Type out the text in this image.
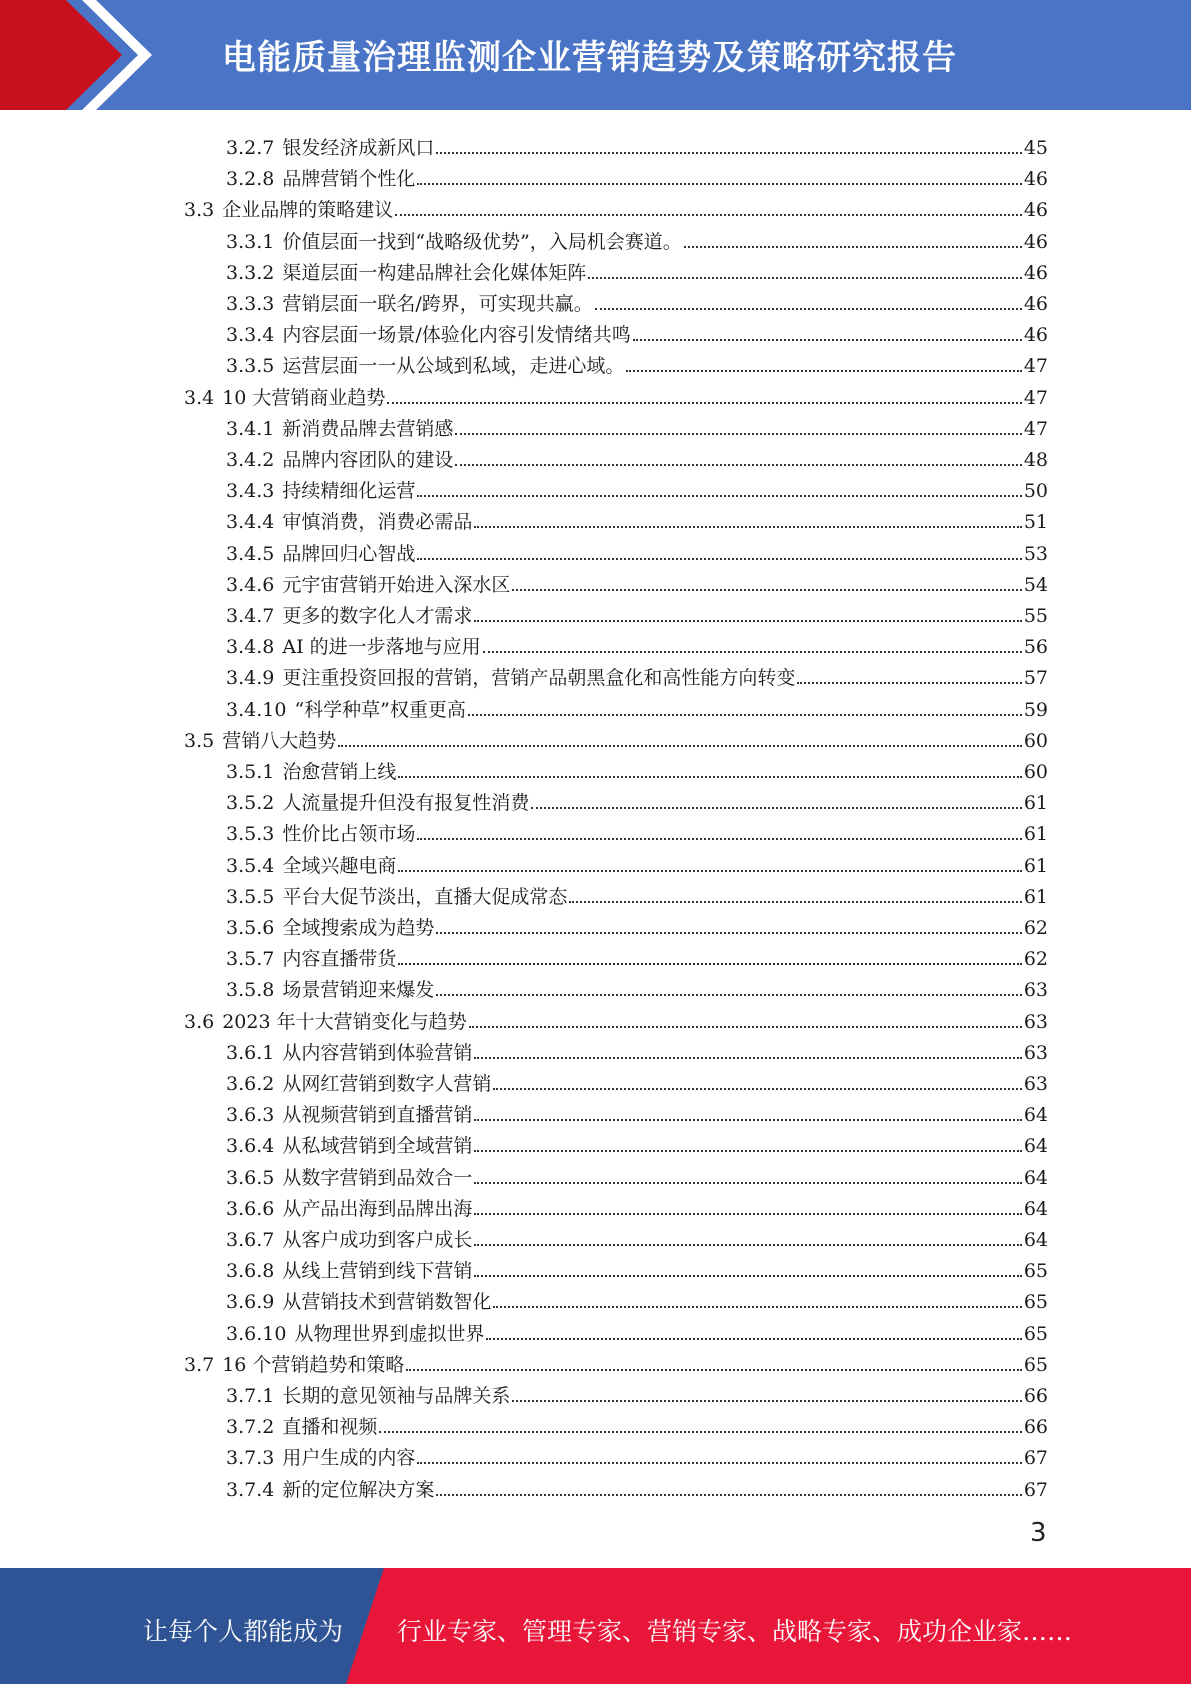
电能质量治理监测企业营销趋势及策略研究报告
3.2.7 银发经济成新风口	45
3.2.8 品牌营销个性化	46
3.3 企业品牌的策略建议	46
3.3.1 价值层面一找到“战略级优势”，入局机会赛道。	46
3.3.2 渠道层面一构建品牌社会化媒体矩阵	46
3.3.3 营销层面一联名/跨界，可实现共赢。	46
3.3.4 内容层面一场景/体验化内容引发情绪共鸣	46
3.3.5 运营层面一一从公域到私域，走进心域。	47
3.4 10 大营销商业趋势	47
3.4.1 新消费品牌去营销感	47
3.4.2 品牌内容团队的建设	48
3.4.3 持续精细化运营	50
3.4.4 审慎消费，消费必需品	51
3.4.5 品牌回归心智战	53
3.4.6 元宇宙营销开始进入深水区	54
3.4.7 更多的数字化人才需求	55
3.4.8 AI 的进一步落地与应用	56
3.4.9 更注重投资回报的营销，营销产品朝黑盒化和高性能方向转变	57
3.4.10 “科学种草”权重更高	59
3.5 营销八大趋势	60
3.5.1 治愈营销上线	60
3.5.2 人流量提升但没有报复性消费	61
3.5.3 性价比占领市场	61
3.5.4 全域兴趣电商	61
3.5.5 平台大促节淡出，直播大促成常态	61
3.5.6 全域搜索成为趋势	62
3.5.7 内容直播带货	62
3.5.8 场景营销迎来爆发	63
3.6 2023 年十大营销变化与趋势	63
3.6.1 从内容营销到体验营销	63
3.6.2 从网红营销到数字人营销	63
3.6.3 从视频营销到直播营销	64
3.6.4 从私域营销到全域营销	64
3.6.5 从数字营销到品效合一	64
3.6.6 从产品出海到品牌出海	64
3.6.7 从客户成功到客户成长	64
3.6.8 从线上营销到线下营销	65
3.6.9 从营销技术到营销数智化	65
3.6.10 从物理世界到虚拟世界	65
3.7 16 个营销趋势和策略	65
3.7.1 长期的意见领袖与品牌关系	66
3.7.2 直播和视频	66
3.7.3 用户生成的内容	67
3.7.4 新的定位解决方案	67
3
让每个人都能成为 行业专家、管理专家、营销专家、战略专家、成功企业家……
